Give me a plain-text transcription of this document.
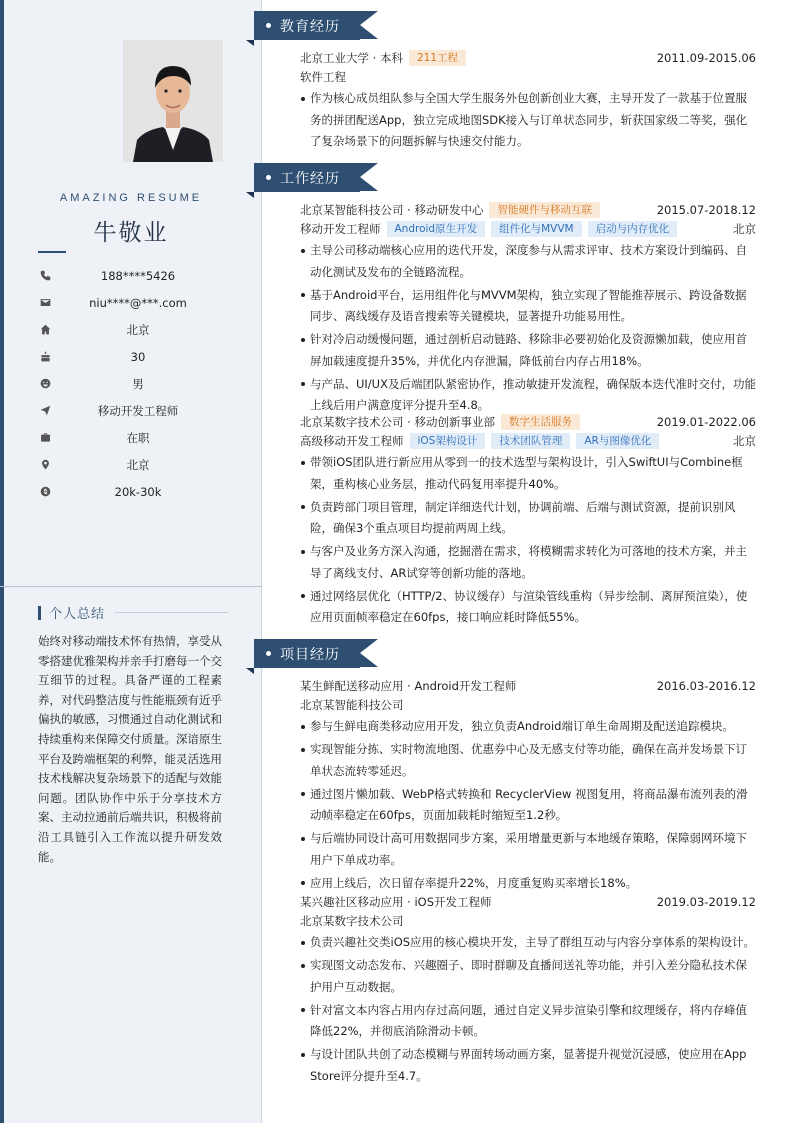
AMAZING RESUME
牛敬业
188****5426
niu****@***.com
北京
30
男
移动开发工程师
在职
北京
20k-30k
个人总结
始终对移动端技术怀有热情，享受从零搭建优雅架构并亲手打磨每一个交互细节的过程。具备严谨的工程素养，对代码整洁度与性能瓶颈有近乎偏执的敏感，习惯通过自动化测试和持续重构来保障交付质量。深谙原生平台及跨端框架的利弊，能灵活选用技术栈解决复杂场景下的适配与效能问题。团队协作中乐于分享技术方案、主动拉通前后端共识，积极将前沿工具链引入工作流以提升研发效能。
教育经历
北京工业大学 · 本科	211工程	2011.09-2015.06
软件工程
作为核心成员组队参与全国大学生服务外包创新创业大赛，主导开发了一款基于位置服务的拼团配送App，独立完成地图SDK接入与订单状态同步，斩获国家级二等奖，强化了复杂场景下的问题拆解与快速交付能力。
工作经历
北京某智能科技公司 · 移动研发中心	智能硬件与移动互联	2015.07-2018.12
移动开发工程师	Android原生开发	组件化与MVVM	启动与内存优化	北京
主导公司移动端核心应用的迭代开发，深度参与从需求评审、技术方案设计到编码、自动化测试及发布的全链路流程。
基于Android平台，运用组件化与MVVM架构，独立实现了智能推荐展示、跨设备数据同步、离线缓存及语音搜索等关键模块，显著提升功能易用性。
针对冷启动缓慢问题，通过剖析启动链路、移除非必要初始化及资源懒加载，使应用首屏加载速度提升35%，并优化内存泄漏，降低前台内存占用18%。
与产品、UI/UX及后端团队紧密协作，推动敏捷开发流程，确保版本迭代准时交付，功能上线后用户满意度评分提升至4.8。
北京某数字技术公司 · 移动创新事业部	数字生活服务	2019.01-2022.06
高级移动开发工程师	iOS架构设计	技术团队管理	AR与图像优化	北京
带领iOS团队进行新应用从零到一的技术选型与架构设计，引入SwiftUI与Combine框架，重构核心业务层，推动代码复用率提升40%。
负责跨部门项目管理，制定详细迭代计划，协调前端、后端与测试资源，提前识别风险，确保3个重点项目均提前两周上线。
与客户及业务方深入沟通，挖掘潜在需求，将模糊需求转化为可落地的技术方案，并主导了离线支付、AR试穿等创新功能的落地。
通过网络层优化（HTTP/2、协议缓存）与渲染管线重构（异步绘制、离屏预渲染），使应用页面帧率稳定在60fps，接口响应耗时降低55%。
项目经历
某生鲜配送移动应用 · Android开发工程师	2016.03-2016.12
北京某智能科技公司
参与生鲜电商类移动应用开发，独立负责Android端订单生命周期及配送追踪模块。
实现智能分拣、实时物流地图、优惠券中心及无感支付等功能，确保在高并发场景下订单状态流转零延迟。
通过图片懒加载、WebP格式转换和 RecyclerView 视图复用，将商品瀑布流列表的滑动帧率稳定在60fps，页面加载耗时缩短至1.2秒。
与后端协同设计高可用数据同步方案，采用增量更新与本地缓存策略，保障弱网环境下用户下单成功率。
应用上线后，次日留存率提升22%，月度重复购买率增长18%。
某兴趣社区移动应用 · iOS开发工程师	2019.03-2019.12
北京某数字技术公司
负责兴趣社交类iOS应用的核心模块开发，主导了群组互动与内容分享体系的架构设计。
实现图文动态发布、兴趣圈子、即时群聊及直播间送礼等功能，并引入差分隐私技术保护用户互动数据。
针对富文本内容占用内存过高问题，通过自定义异步渲染引擎和纹理缓存，将内存峰值降低22%，并彻底消除滑动卡顿。
与设计团队共创了动态模糊与界面转场动画方案，显著提升视觉沉浸感，使应用在App Store评分提升至4.7。
